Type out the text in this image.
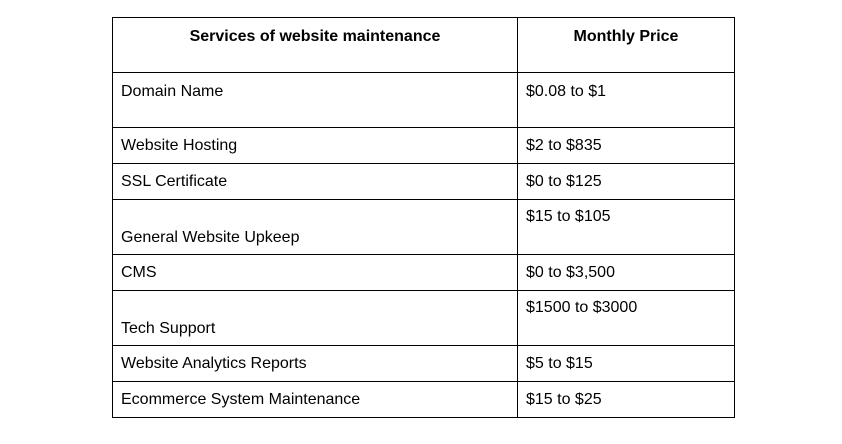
Services of website maintenance	Monthly Price
Domain Name	$0.08 to $1
Website Hosting	$2 to $835
SSL Certificate	$0 to $125
General Website Upkeep	$15 to $105
CMS	$0 to $3,500
Tech Support	$1500 to $3000
Website Analytics Reports	$5 to $15
Ecommerce System Maintenance	$15 to $25
